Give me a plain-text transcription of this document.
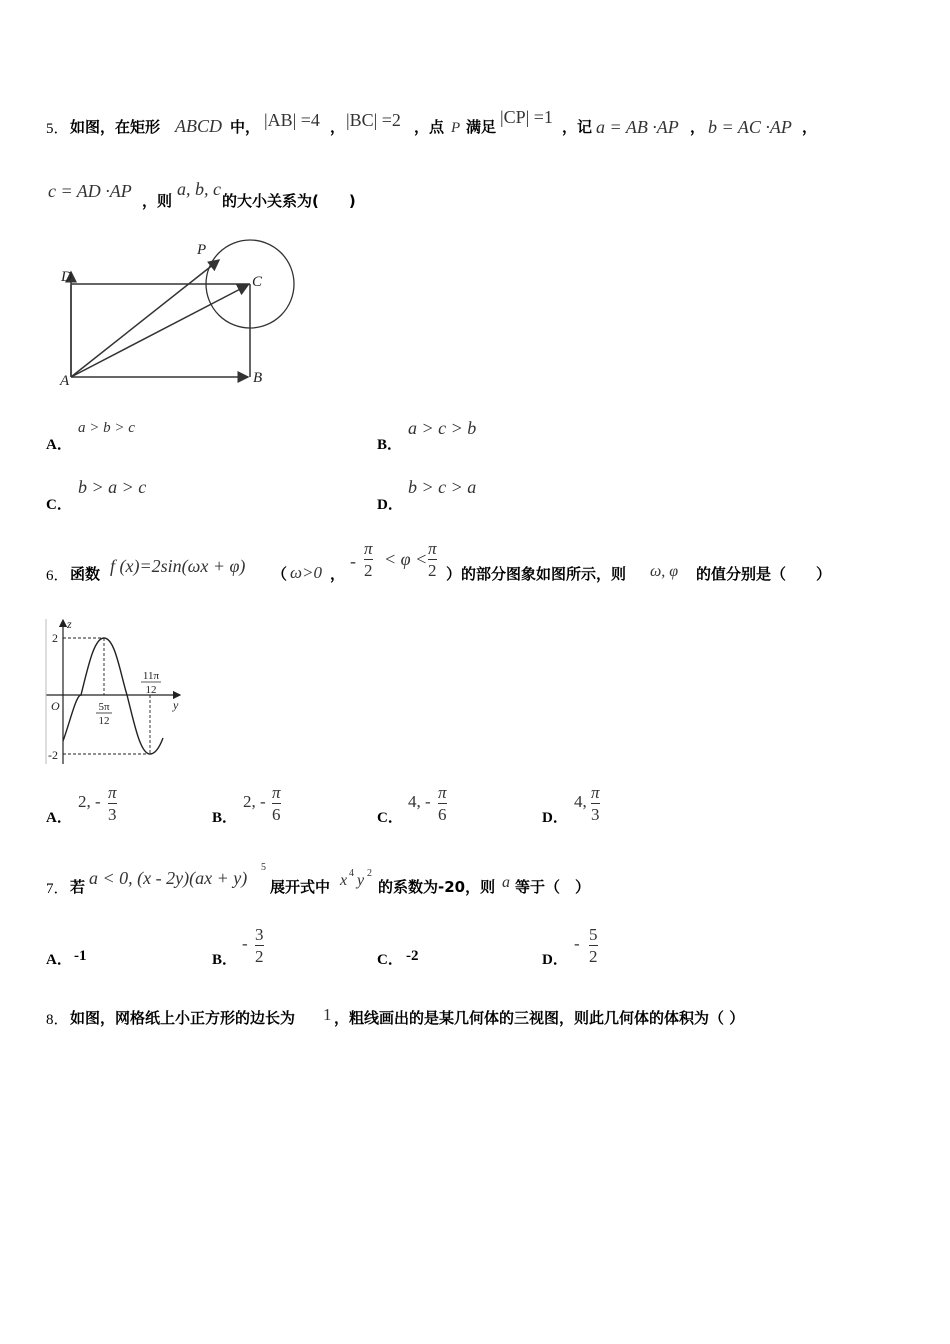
5． 如图，在矩形 ABCD 中， |AB| =4 ， |BC| =2 ，点 P 满足 |CP| =1 ，记 a = AB ·AP ， b = AC ·AP ，
c = AD ·AP ，则
a, b, c
的大小关系为(　　)
P
D	C
A	B
A．
a > b > c
B．
a > c > b
C．
b > a > c
D．
b > c > a
6． 函数 f (x)=2sin(ωx + φ) （ ω>0 ，
-
π
2
< φ <
π
2 ）的部分图象如图所示，则 ω, φ 的值分别是（　　）
z
y
O
2
-2
5π
12
11π
12
A．
2, - π
3	B．
2, - π
6	C．
4, - π
6	D．
4, π
3
7． 若 a < 0, (x - 2y)(ax + y)
5
展开式中 x 4 y 2
的系数为-20，则 a 等于（　）
A． -1	B．
- 3
2	C． -2	D．
- 5
2
8． 如图，网格纸上小正方形的边长为 1 ，粗线画出的是某几何体的三视图，则此几何体的体积为（ ）
